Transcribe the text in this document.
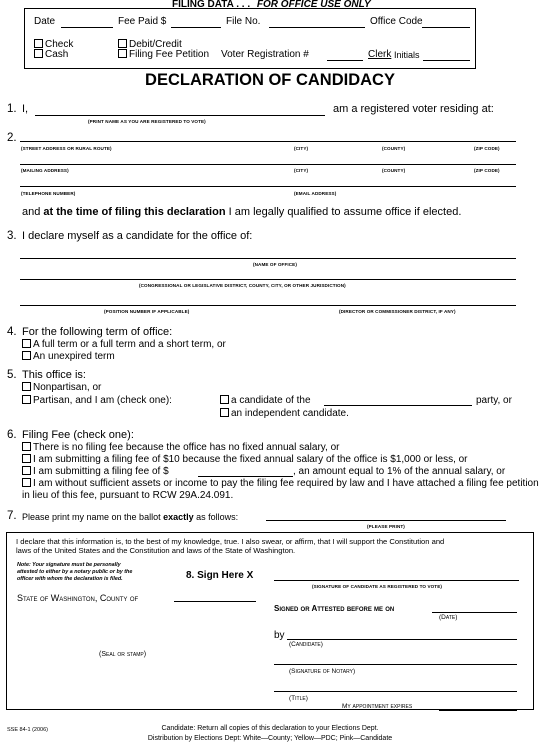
FILING DATA . . . FOR OFFICE USE ONLY
Date	Fee Paid $	File No.	Office Code
Check
Cash
Debit/Credit
Filing Fee Petition Voter Registration #	Clerk Initials
DECLARATION OF CANDIDACY
1. I,	am a registered voter residing at:
(PRINT NAME AS YOU ARE REGISTERED TO VOTE)
2.
(STREET ADDRESS OR RURAL ROUTE)	(CITY)	(COUNTY)	(ZIP CODE)
(MAILING ADDRESS)	(CITY)	(COUNTY)	(ZIP CODE)
(TELEPHONE NUMBER)	(EMAIL ADDRESS)
and at the time of filing this declaration I am legally qualified to assume office if elected.
3. I declare myself as a candidate for the office of:
(NAME OF OFFICE)
(CONGRESSIONAL OR LEGISLATIVE DISTRICT, COUNTY, CITY, OR OTHER JURISDICTION)
(POSITION NUMBER IF APPLICABLE)	(DIRECTOR OR COMMISSIONER DISTRICT, IF ANY)
4. For the following term of office:
A full term or a full term and a short term, or
An unexpired term
5. This office is:
Nonpartisan, or
Partisan, and I am (check one):	a candidate of the	party, or
an independent candidate.
6. Filing Fee (check one):
There is no filing fee because the office has no fixed annual salary, or
I am submitting a filing fee of $10 because the fixed annual salary of the office is $1,000 or less, or
I am submitting a filing fee of $	, an amount equal to 1% of the annual salary, or
I am without sufficient assets or income to pay the filing fee required by law and I have attached a filing fee petition
in lieu of this fee, pursuant to RCW 29A.24.091.
7. Please print my name on the ballot exactly as follows:
(PLEASE PRINT)
I declare that this information is, to the best of my knowledge, true. I also swear, or affirm, that I will support the Constitution and
laws of the United States and the Constitution and laws of the State of Washington.
Note: Your signature must be personally
attested to either by a notary public or by the
officer with whom the declaration is filed.	8. Sign Here X
(SIGNATURE OF CANDIDATE AS REGISTERED TO VOTE)
State of Washington, County of
Signed or Attested before me on
(Date)
by
(Candidate)
(Seal or stamp)
(Signature of Notary)
(Title)
My appointment expires
SSE 84-1 (2006)	Candidate: Return all copies of this declaration to your Elections Dept.
Distribution by Elections Dept: White—County; Yellow—PDC; Pink—Candidate
